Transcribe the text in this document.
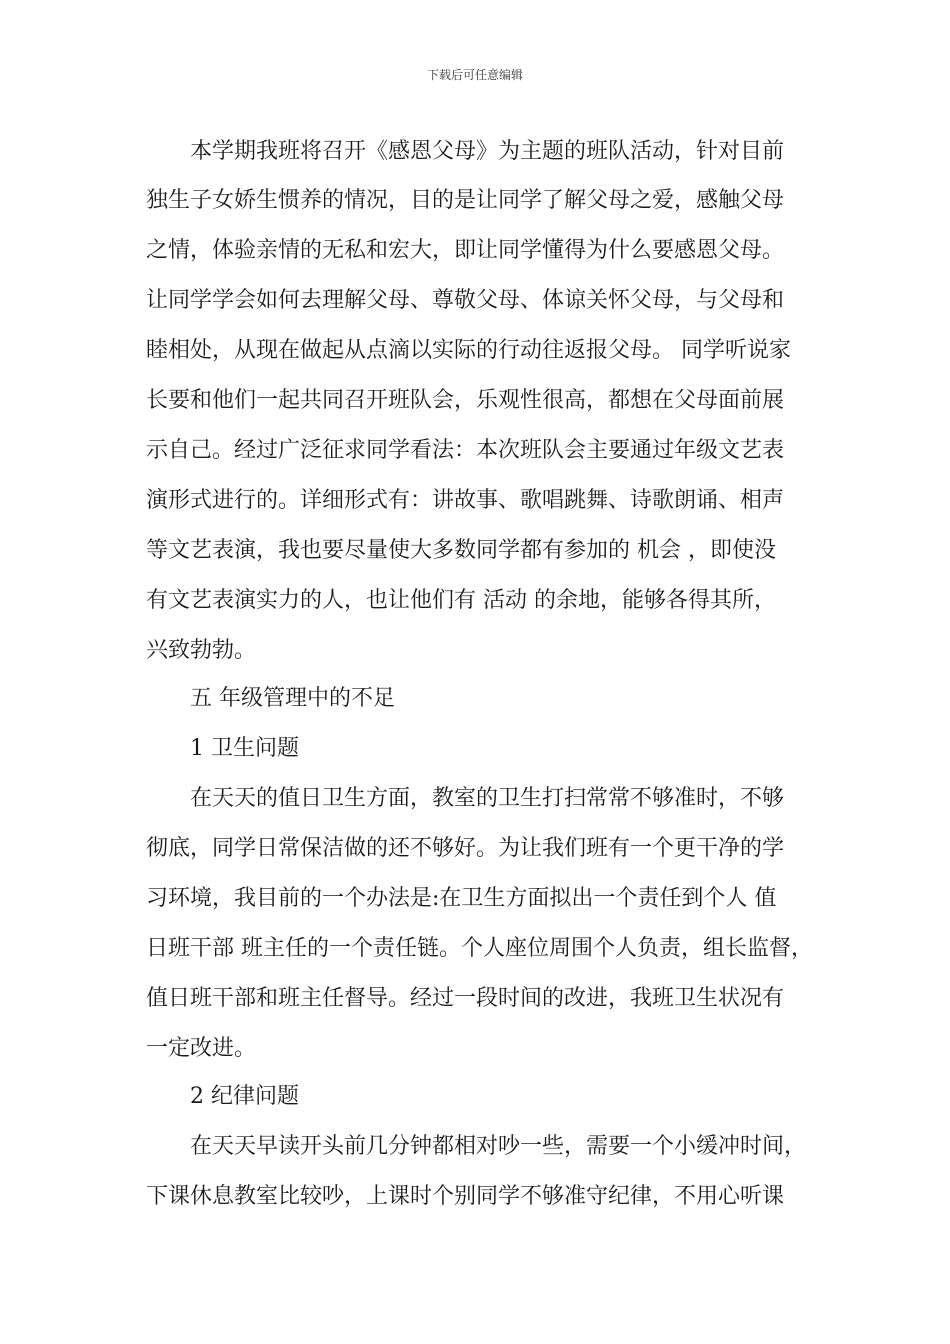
下载后可任意编辑
本学期我班将召开《感恩父母》为主题的班队活动，针对目前
独生子女娇生惯养的情况，目的是让同学了解父母之爱，感触父母
之情，体验亲情的无私和宏大，即让同学懂得为什么要感恩父母。
让同学学会如何去理解父母、尊敬父母、体谅关怀父母，与父母和
睦相处，从现在做起从点滴以实际的行动往返报父母。 同学听说家
长要和他们一起共同召开班队会，乐观性很高，都想在父母面前展
示自己。经过广泛征求同学看法：本次班队会主要通过年级文艺表
演形式进行的。详细形式有：讲故事、歌唱跳舞、诗歌朗诵、相声
等文艺表演，我也要尽量使大多数同学都有参加的 机会 ，即使没
有文艺表演实力的人，也让他们有 活动 的余地，能够各得其所，
兴致勃勃。
五 年级管理中的不足
1 卫生问题
在天天的值日卫生方面，教室的卫生打扫常常不够准时，不够
彻底，同学日常保洁做的还不够好。为让我们班有一个更干净的学
习环境，我目前的一个办法是:在卫生方面拟出一个责任到个人 值
日班干部 班主任的一个责任链。个人座位周围个人负责，组长监督，
值日班干部和班主任督导。经过一段时间的改进，我班卫生状况有
一定改进。
2 纪律问题
在天天早读开头前几分钟都相对吵一些，需要一个小缓冲时间，
下课休息教室比较吵，上课时个别同学不够准守纪律，不用心听课
